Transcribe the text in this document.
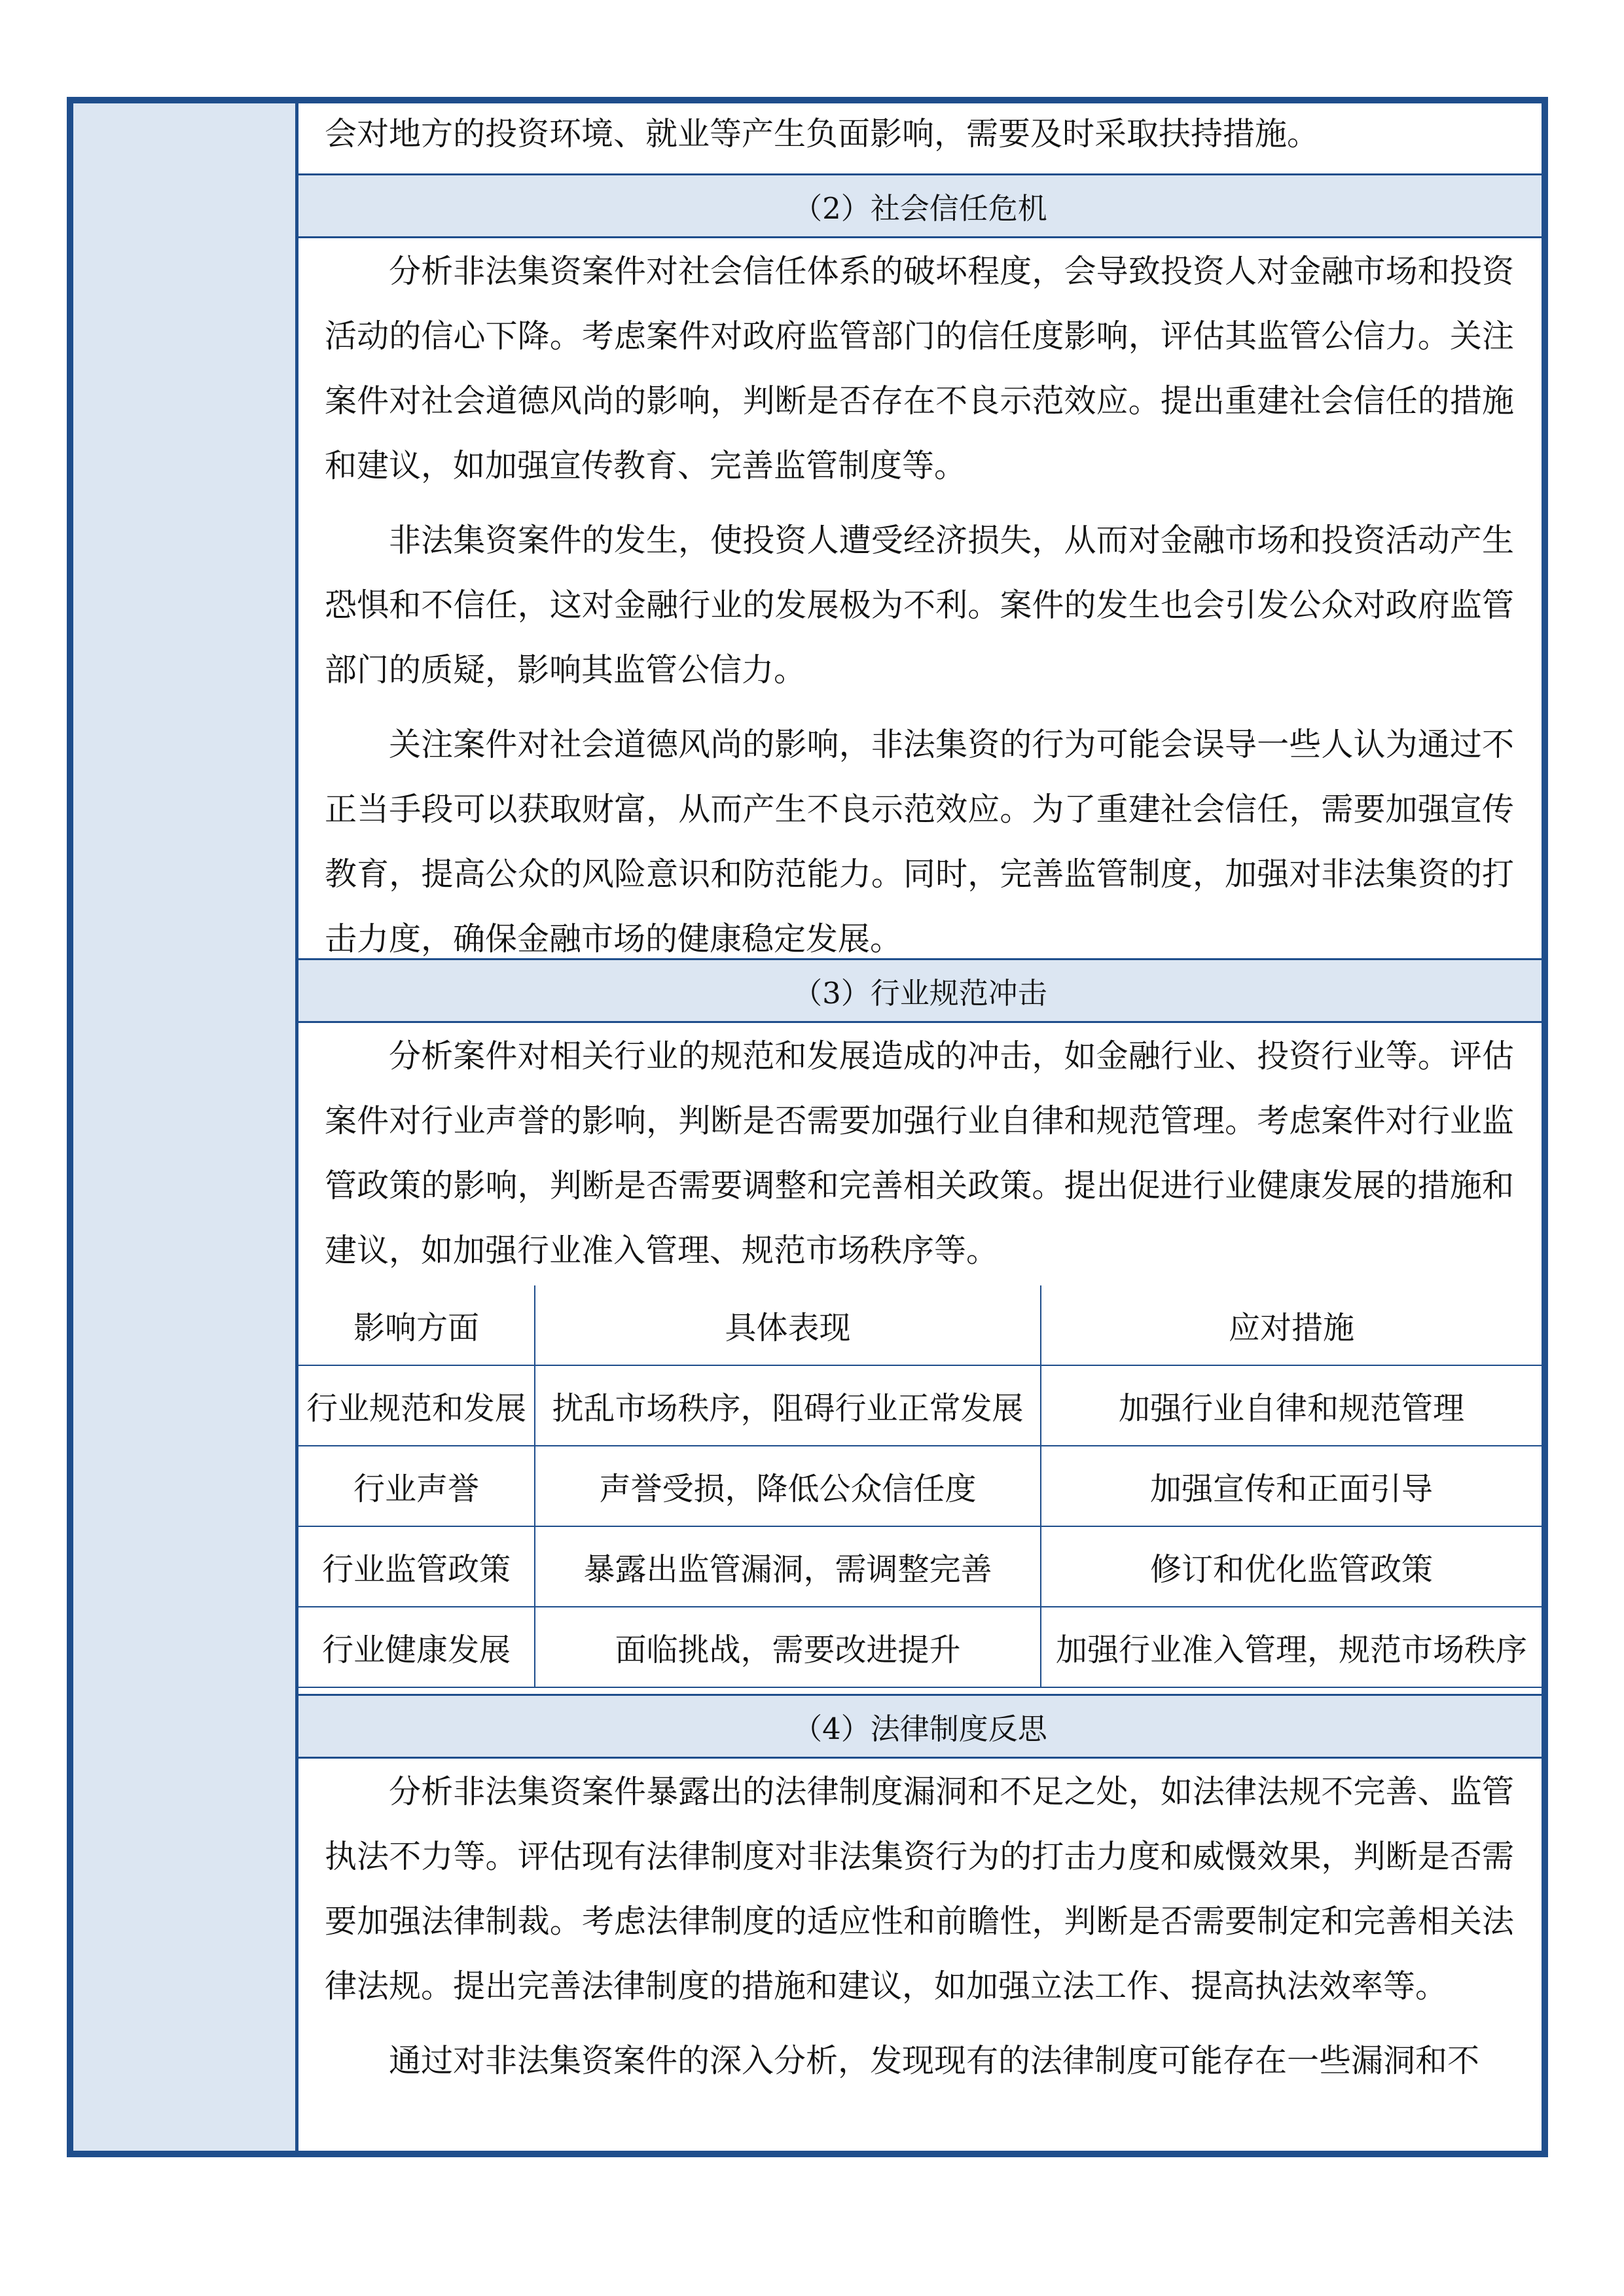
会对地方的投资环境、就业等产生负面影响，需要及时采取扶持措施。

（2）社会信任危机

分析非法集资案件对社会信任体系的破坏程度，会导致投资人对金融市场和投资活动的信心下降。考虑案件对政府监管部门的信任度影响，评估其监管公信力。关注案件对社会道德风尚的影响，判断是否存在不良示范效应。提出重建社会信任的措施和建议，如加强宣传教育、完善监管制度等。

非法集资案件的发生，使投资人遭受经济损失，从而对金融市场和投资活动产生恐惧和不信任，这对金融行业的发展极为不利。案件的发生也会引发公众对政府监管部门的质疑，影响其监管公信力。

关注案件对社会道德风尚的影响，非法集资的行为可能会误导一些人认为通过不正当手段可以获取财富，从而产生不良示范效应。为了重建社会信任，需要加强宣传教育，提高公众的风险意识和防范能力。同时，完善监管制度，加强对非法集资的打击力度，确保金融市场的健康稳定发展。

（3）行业规范冲击

分析案件对相关行业的规范和发展造成的冲击，如金融行业、投资行业等。评估案件对行业声誉的影响，判断是否需要加强行业自律和规范管理。考虑案件对行业监管政策的影响，判断是否需要调整和完善相关政策。提出促进行业健康发展的措施和建议，如加强行业准入管理、规范市场秩序等。

影响方面	具体表现	应对措施
行业规范和发展	扰乱市场秩序，阻碍行业正常发展	加强行业自律和规范管理
行业声誉	声誉受损，降低公众信任度	加强宣传和正面引导
行业监管政策	暴露出监管漏洞，需调整完善	修订和优化监管政策
行业健康发展	面临挑战，需要改进提升	加强行业准入管理，规范市场秩序
（4）法律制度反思

分析非法集资案件暴露出的法律制度漏洞和不足之处，如法律法规不完善、监管执法不力等。评估现有法律制度对非法集资行为的打击力度和威慑效果，判断是否需要加强法律制裁。考虑法律制度的适应性和前瞻性，判断是否需要制定和完善相关法律法规。提出完善法律制度的措施和建议，如加强立法工作、提高执法效率等。

通过对非法集资案件的深入分析，发现现有的法律制度可能存在一些漏洞和不
